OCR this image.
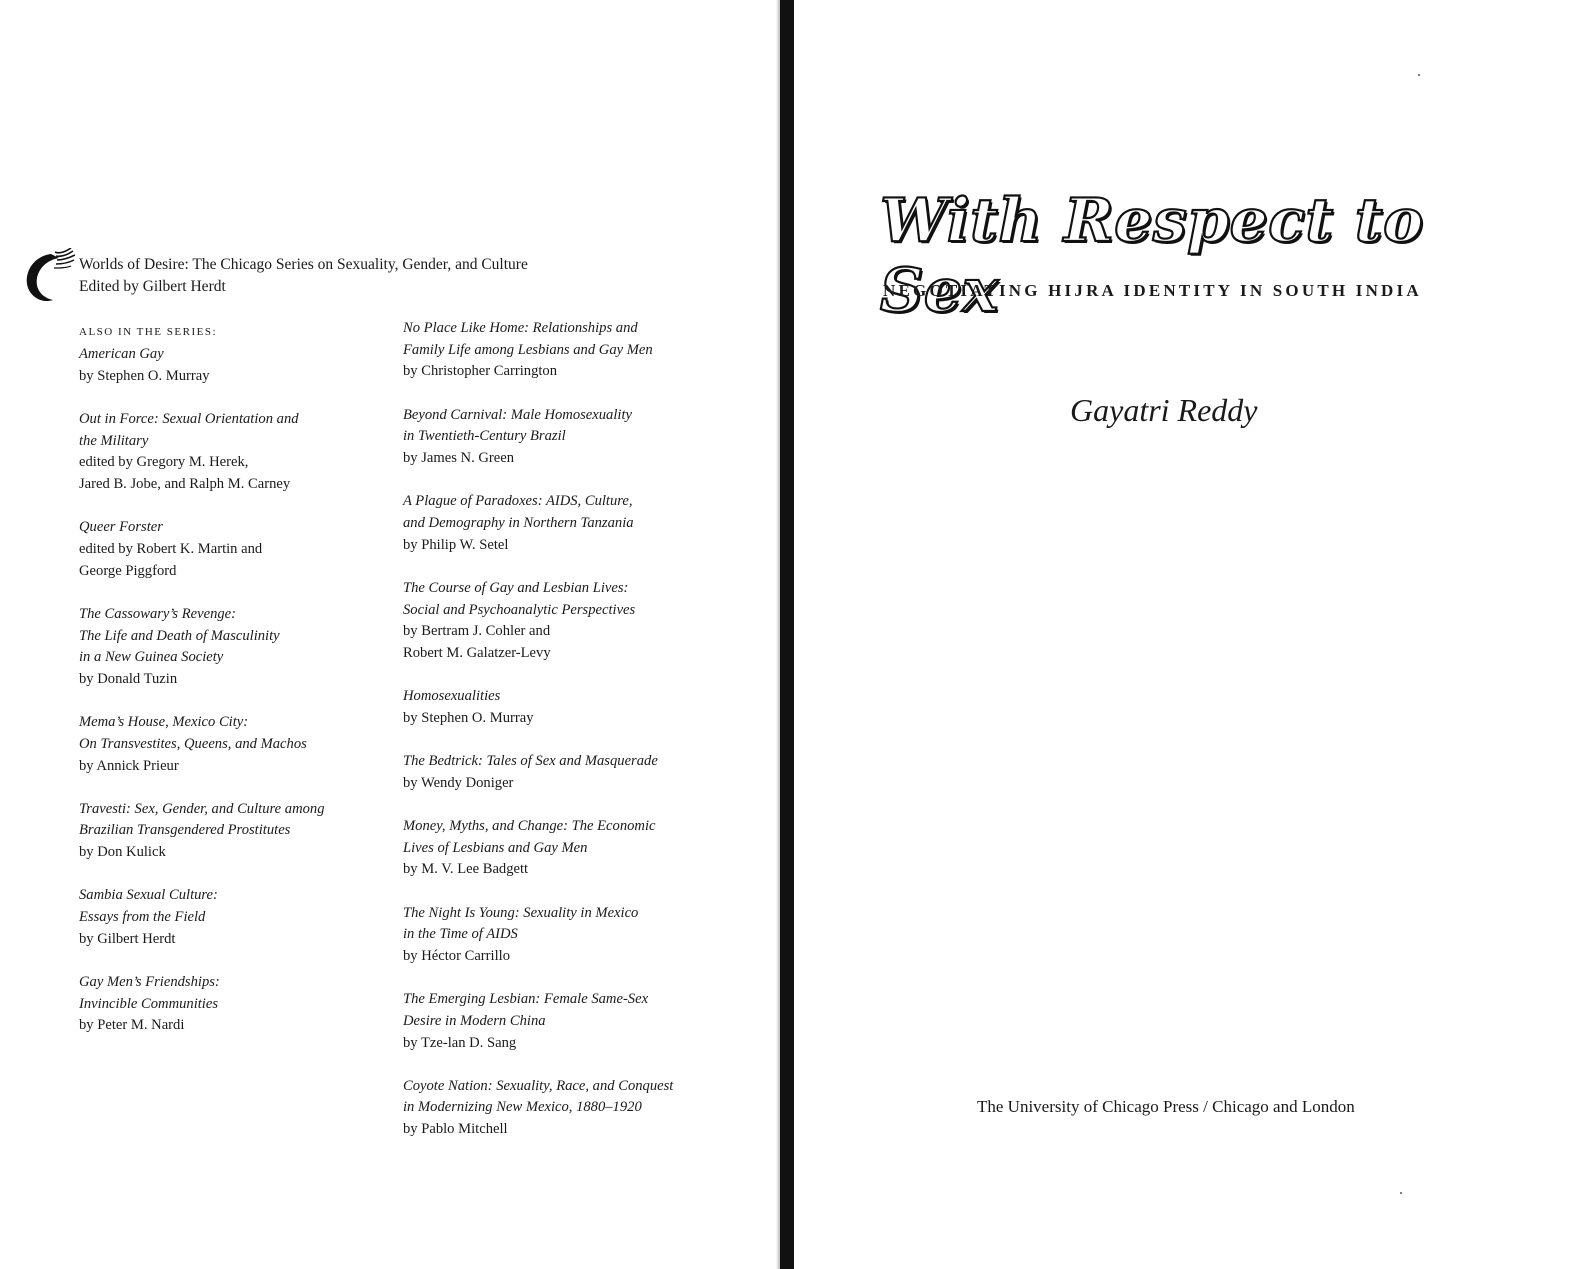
Worlds of Desire: The Chicago Series on Sexuality, Gender, and Culture
Edited by Gilbert Herdt
ALSO IN THE SERIES:
American Gay
by Stephen O. Murray
Out in Force: Sexual Orientation and
the Military
edited by Gregory M. Herek,
Jared B. Jobe, and Ralph M. Carney
Queer Forster
edited by Robert K. Martin and
George Piggford
The Cassowary’s Revenge:
The Life and Death of Masculinity
in a New Guinea Society
by Donald Tuzin
Mema’s House, Mexico City:
On Transvestites, Queens, and Machos
by Annick Prieur
Travesti: Sex, Gender, and Culture among
Brazilian Transgendered Prostitutes
by Don Kulick
Sambia Sexual Culture:
Essays from the Field
by Gilbert Herdt
Gay Men’s Friendships:
Invincible Communities
by Peter M. Nardi
No Place Like Home: Relationships and
Family Life among Lesbians and Gay Men
by Christopher Carrington
Beyond Carnival: Male Homosexuality
in Twentieth-Century Brazil
by James N. Green
A Plague of Paradoxes: AIDS, Culture,
and Demography in Northern Tanzania
by Philip W. Setel
The Course of Gay and Lesbian Lives:
Social and Psychoanalytic Perspectives
by Bertram J. Cohler and
Robert M. Galatzer-Levy
Homosexualities
by Stephen O. Murray
The Bedtrick: Tales of Sex and Masquerade
by Wendy Doniger
Money, Myths, and Change: The Economic
Lives of Lesbians and Gay Men
by M. V. Lee Badgett
The Night Is Young: Sexuality in Mexico
in the Time of AIDS
by Héctor Carrillo
The Emerging Lesbian: Female Same-Sex
Desire in Modern China
by Tze-lan D. Sang
Coyote Nation: Sexuality, Race, and Conquest
in Modernizing New Mexico, 1880–1920
by Pablo Mitchell
With Respect to Sex
NEGOTIATING HIJRA IDENTITY IN SOUTH INDIA
Gayatri Reddy
The University of Chicago Press / Chicago and London
